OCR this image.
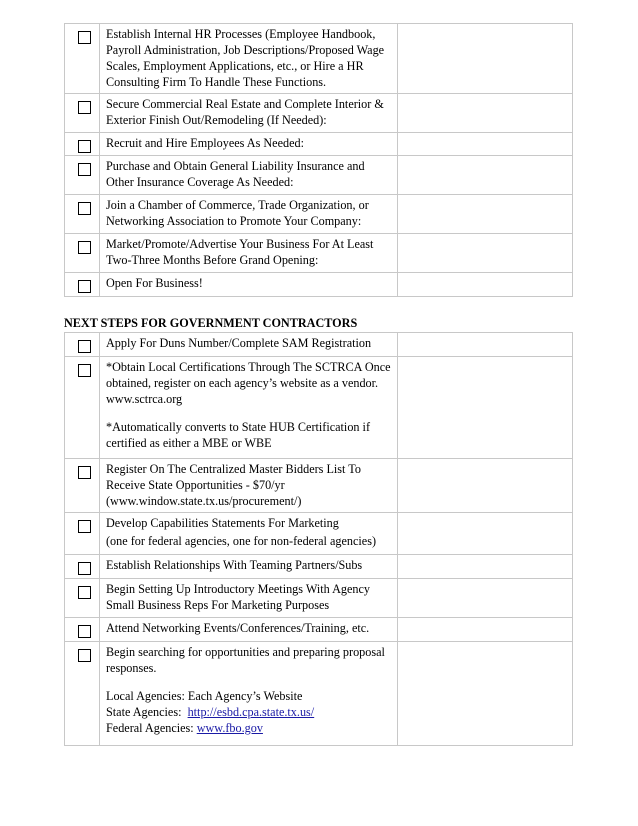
	Establish Internal HR Processes (Employee Handbook, Payroll Administration, Job Descriptions/Proposed Wage Scales, Employment Applications, etc., or Hire a HR Consulting Firm To Handle These Functions.	

	Secure Commercial Real Estate and Complete Interior & Exterior Finish Out/Remodeling (If Needed):	

	Recruit and Hire Employees As Needed:	

	Purchase and Obtain General Liability Insurance and Other Insurance Coverage As Needed:	

	Join a Chamber of Commerce, Trade Organization, or Networking Association to Promote Your Company:	

	Market/Promote/Advertise Your Business For At Least Two-Three Months Before Grand Opening:	

	Open For Business!	
NEXT STEPS FOR GOVERNMENT CONTRACTORS

	Apply For Duns Number/Complete SAM Registration	

	*Obtain Local Certifications Through The SCTRCA Once obtained, register on each agency’s website as a vendor. www.sctrca.org
*Automatically converts to State HUB Certification if certified as either a MBE or WBE	

	Register On The Centralized Master Bidders List To Receive State Opportunities - $70/yr (www.window.state.tx.us/procurement/)	

	Develop Capabilities Statements For Marketing
(one for federal agencies, one for non-federal agencies)	

	Establish Relationships With Teaming Partners/Subs	

	Begin Setting Up Introductory Meetings With Agency Small Business Reps For Marketing Purposes	

	Attend Networking Events/Conferences/Training, etc.	

	Begin searching for opportunities and preparing proposal responses.
Local Agencies: Each Agency’s Website
State Agencies:  http://esbd.cpa.state.tx.us/
Federal Agencies: www.fbo.gov	
